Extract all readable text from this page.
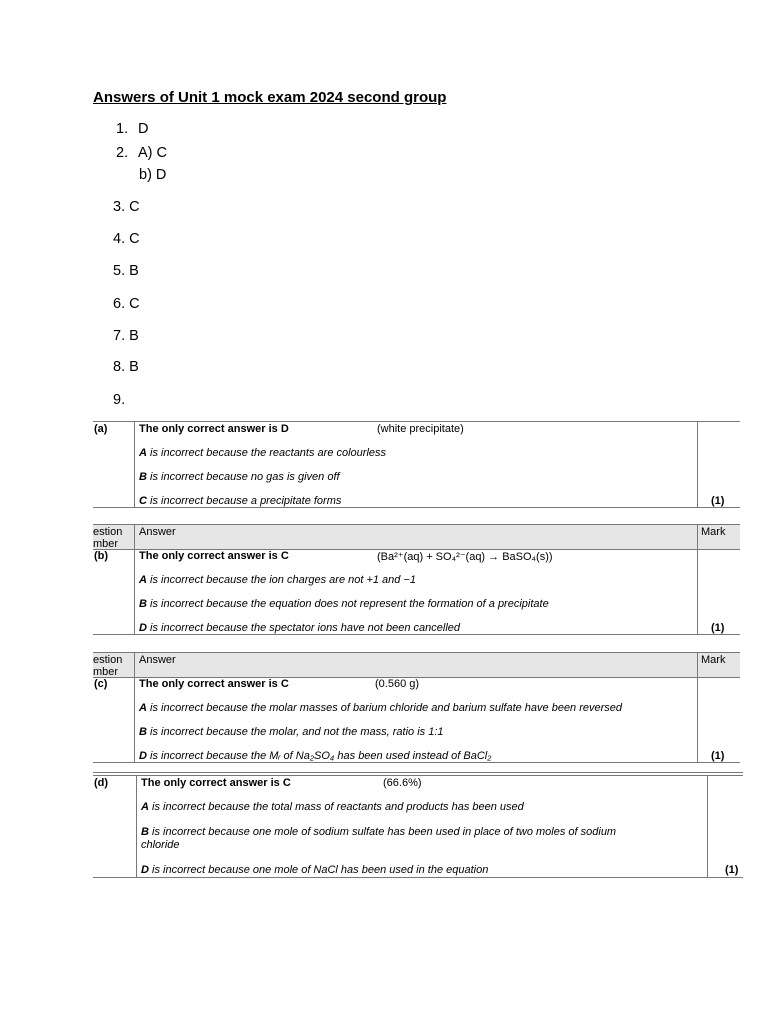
Answers of Unit 1 mock exam 2024 second group
1. D
2. A) C
b) D
3. C
4. C
5. B
6. C
7. B
8. B
9.
(a)	The only correct answer is D	(white precipitate)
A is incorrect because the reactants are colourless
B is incorrect because no gas is given off
C is incorrect because a precipitate forms	(1)
estion
mber
Answer	Mark
(b)	The only correct answer is C	(Ba²⁺(aq) + SO₄²⁻(aq) → BaSO₄(s))
A is incorrect because the ion charges are not +1 and −1
B is incorrect because the equation does not represent the formation of a precipitate
D is incorrect because the spectator ions have not been cancelled	(1)
estion
mber
Answer	Mark
(c)	The only correct answer is C	(0.560 g)
A is incorrect because the molar masses of barium chloride and barium sulfate have been reversed
B is incorrect because the molar, and not the mass, ratio is 1:1
D is incorrect because the Mᵣ of Na₂SO₄ has been used instead of BaCl₂	(1)
(d)	The only correct answer is C	(66.6%)
A is incorrect because the total mass of reactants and products has been used
B is incorrect because one mole of sodium sulfate has been used in place of two moles of sodium
chloride
D is incorrect because one mole of NaCl has been used in the equation	(1)
